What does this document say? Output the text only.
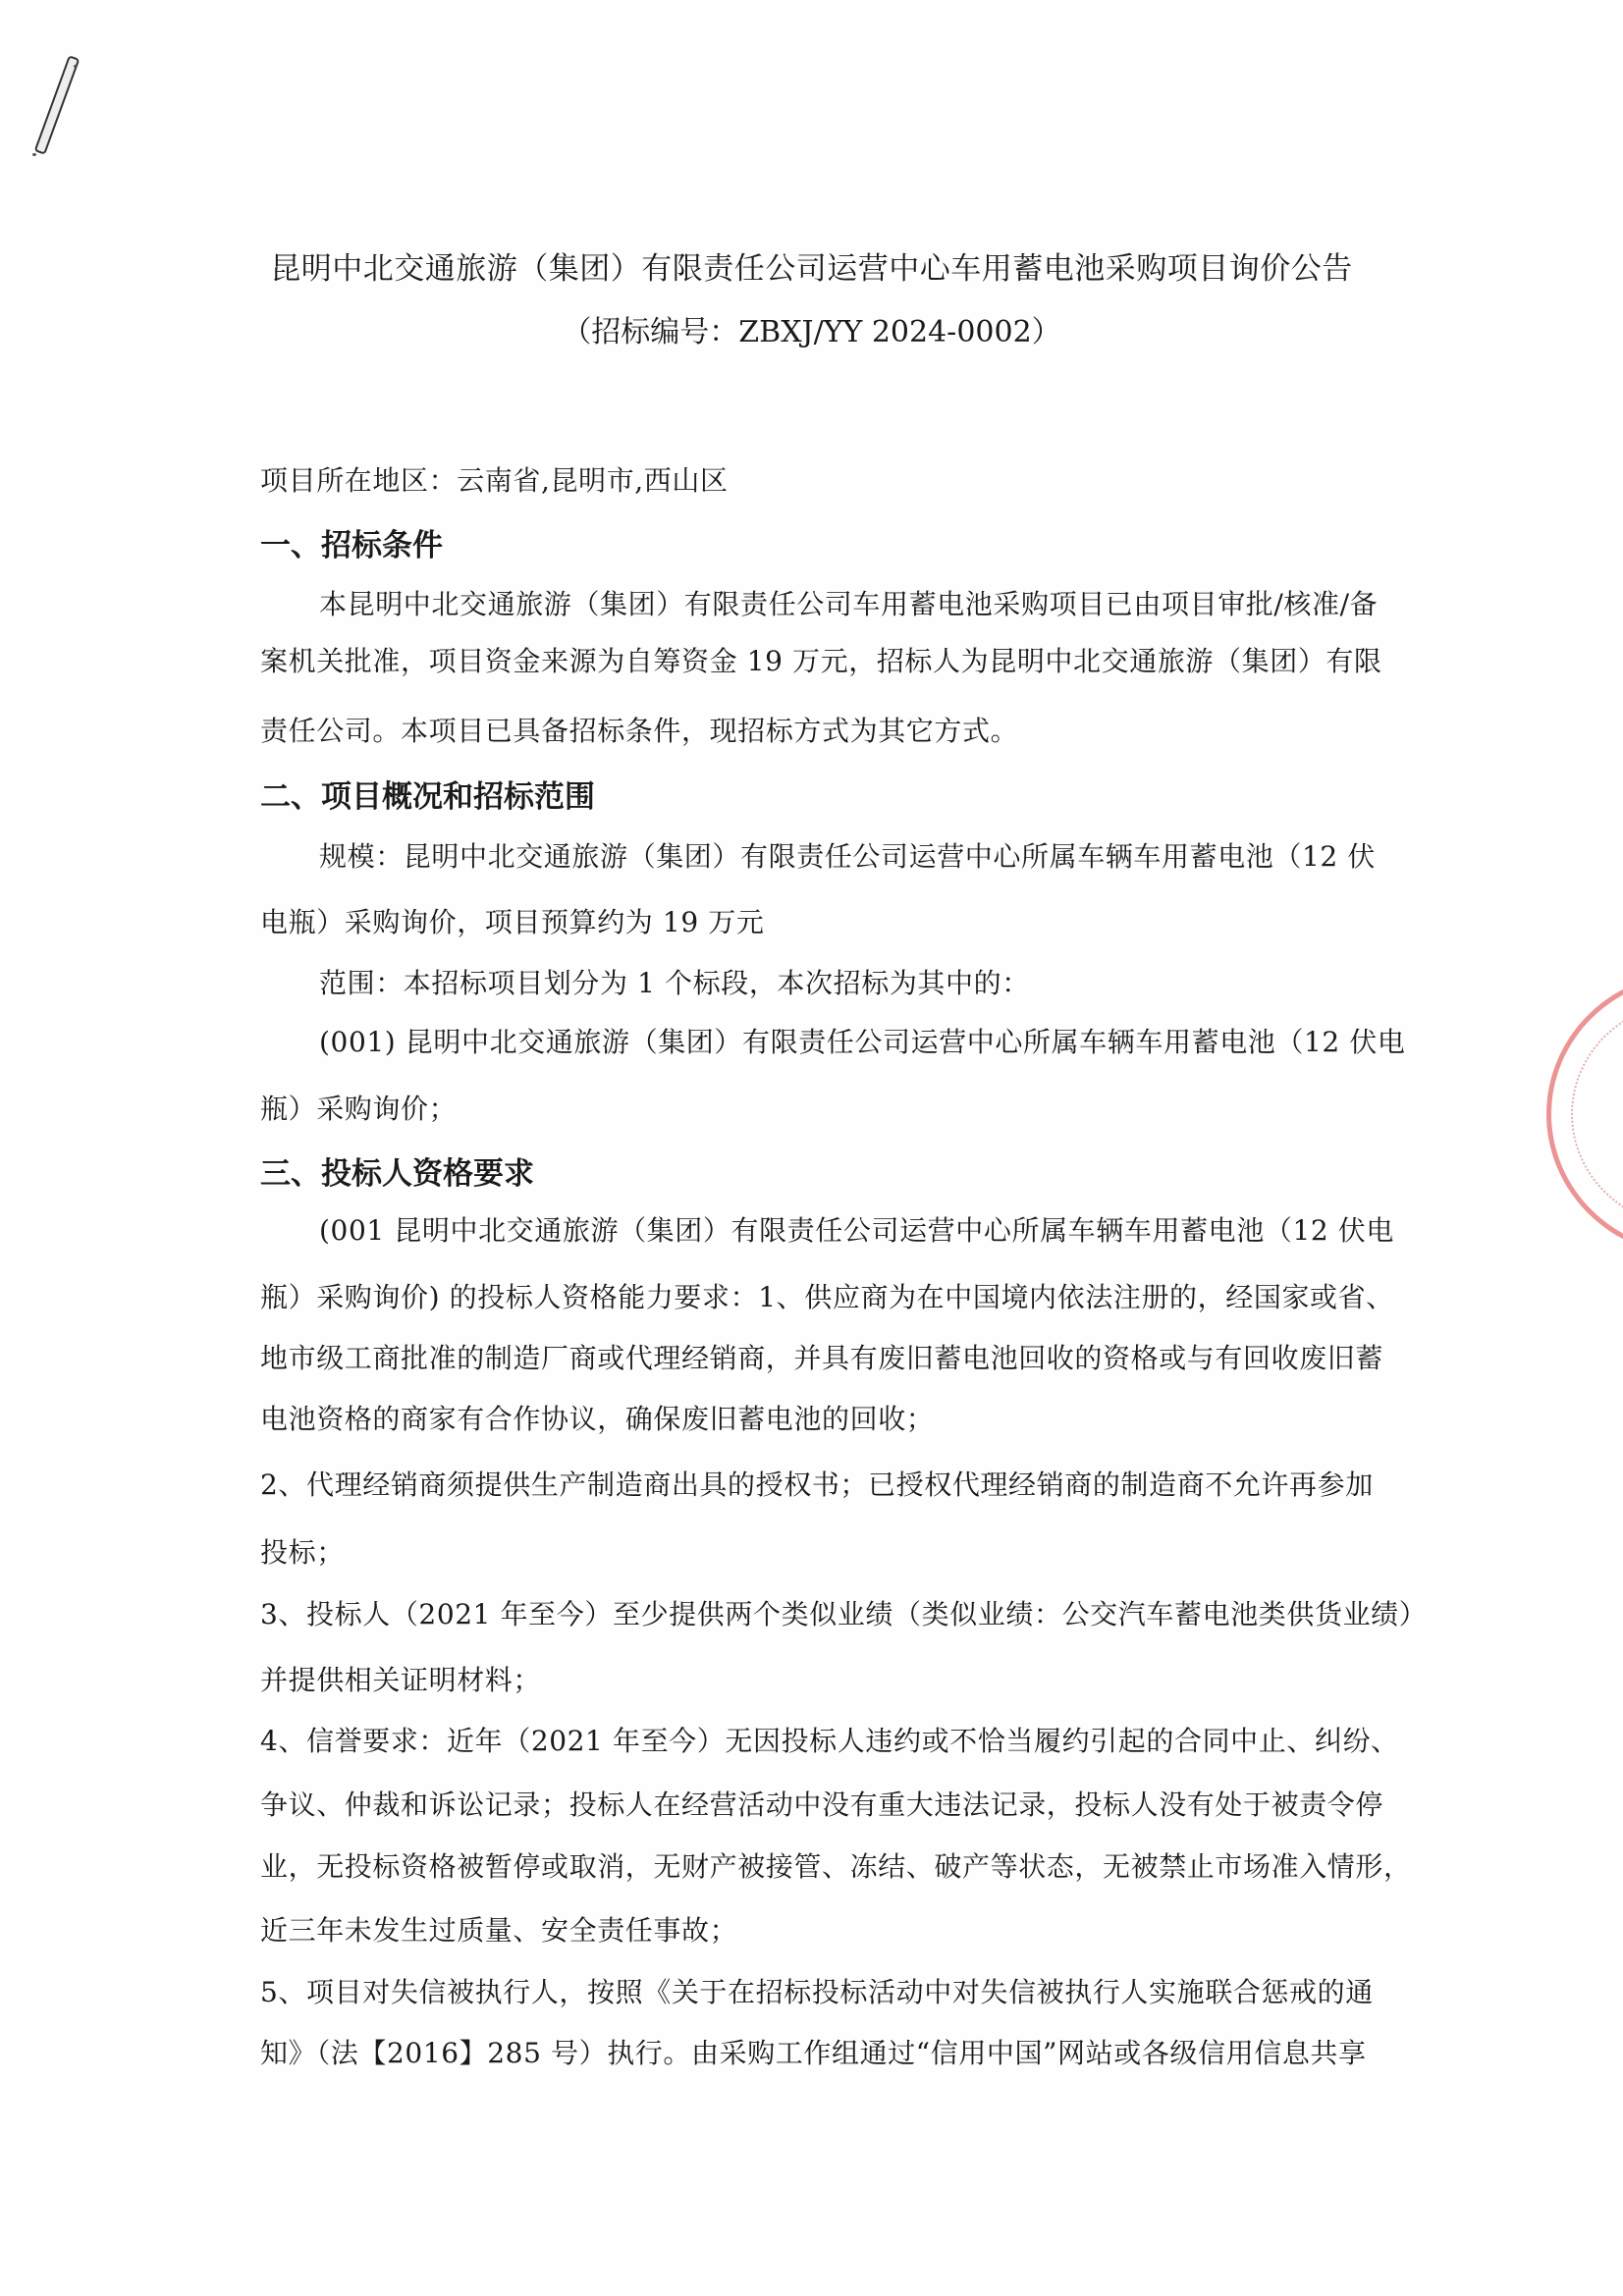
昆明中北交通旅游（集团）有限责任公司运营中心车用蓄电池采购项目询价公告
（招标编号：ZBXJ/YY 2024-0002）
项目所在地区：云南省,昆明市,西山区
一、招标条件
本昆明中北交通旅游（集团）有限责任公司车用蓄电池采购项目已由项目审批/核准/备
案机关批准，项目资金来源为自筹资金 19 万元，招标人为昆明中北交通旅游（集团）有限
责任公司。本项目已具备招标条件，现招标方式为其它方式。
二、项目概况和招标范围
规模：昆明中北交通旅游（集团）有限责任公司运营中心所属车辆车用蓄电池（12 伏
电瓶）采购询价，项目预算约为 19 万元
范围：本招标项目划分为 1 个标段，本次招标为其中的：
(001) 昆明中北交通旅游（集团）有限责任公司运营中心所属车辆车用蓄电池（12 伏电
瓶）采购询价；
三、投标人资格要求
(001 昆明中北交通旅游（集团）有限责任公司运营中心所属车辆车用蓄电池（12 伏电
瓶）采购询价) 的投标人资格能力要求：1、供应商为在中国境内依法注册的，经国家或省、
地市级工商批准的制造厂商或代理经销商，并具有废旧蓄电池回收的资格或与有回收废旧蓄
电池资格的商家有合作协议，确保废旧蓄电池的回收；
2、代理经销商须提供生产制造商出具的授权书；已授权代理经销商的制造商不允许再参加
投标；
3、投标人（2021 年至今）至少提供两个类似业绩（类似业绩：公交汽车蓄电池类供货业绩）
并提供相关证明材料；
4、信誉要求：近年（2021 年至今）无因投标人违约或不恰当履约引起的合同中止、纠纷、
争议、仲裁和诉讼记录；投标人在经营活动中没有重大违法记录，投标人没有处于被责令停
业，无投标资格被暂停或取消，无财产被接管、冻结、破产等状态，无被禁止市场准入情形，
近三年未发生过质量、安全责任事故；
5、项目对失信被执行人，按照《关于在招标投标活动中对失信被执行人实施联合惩戒的通
知》（法【2016】285 号）执行。由采购工作组通过“信用中国”网站或各级信用信息共享
